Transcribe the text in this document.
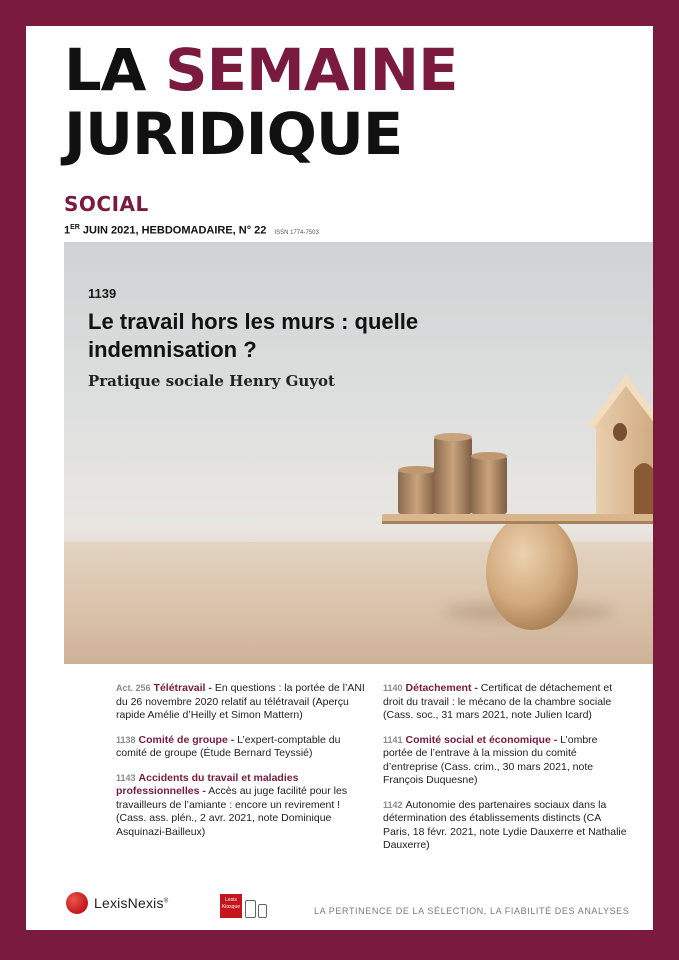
LA SEMAINE
JURIDIQUE
SOCIAL
1ER JUIN 2021, HEBDOMADAIRE, N° 22 ISSN 1774-7503
1139
Le travail hors les murs : quelle indemnisation ?
Pratique sociale Henry Guyot
Act. 256 Télétravail - En questions : la portée de l’ANI du 26 novembre 2020 relatif au télétravail (Aperçu rapide Amélie d’Heilly et Simon Mattern)
1138 Comité de groupe - L’expert-comptable du comité de groupe (Étude Bernard Teyssié)
1143 Accidents du travail et maladies professionnelles - Accès au juge facilité pour les travailleurs de l’amiante : encore un revirement ! (Cass. ass. plén., 2 avr. 2021, note Dominique Asquinazi-Bailleux)
1140 Détachement - Certificat de détachement et droit du travail : le mécano de la chambre sociale (Cass. soc., 31 mars 2021, note Julien Icard)
1141 Comité social et économique - L’ombre portée de l’entrave à la mission du comité d’entreprise (Cass. crim., 30 mars 2021, note François Duquesne)
1142 Autonomie des partenaires sociaux dans la détermination des établissements distincts (CA Paris, 18 févr. 2021, note Lydie Dauxerre et Nathalie Dauxerre)
LexisNexis®	Lexis
Kiosque	LA PERTINENCE DE LA SÉLECTION, LA FIABILITÉ DES ANALYSES
